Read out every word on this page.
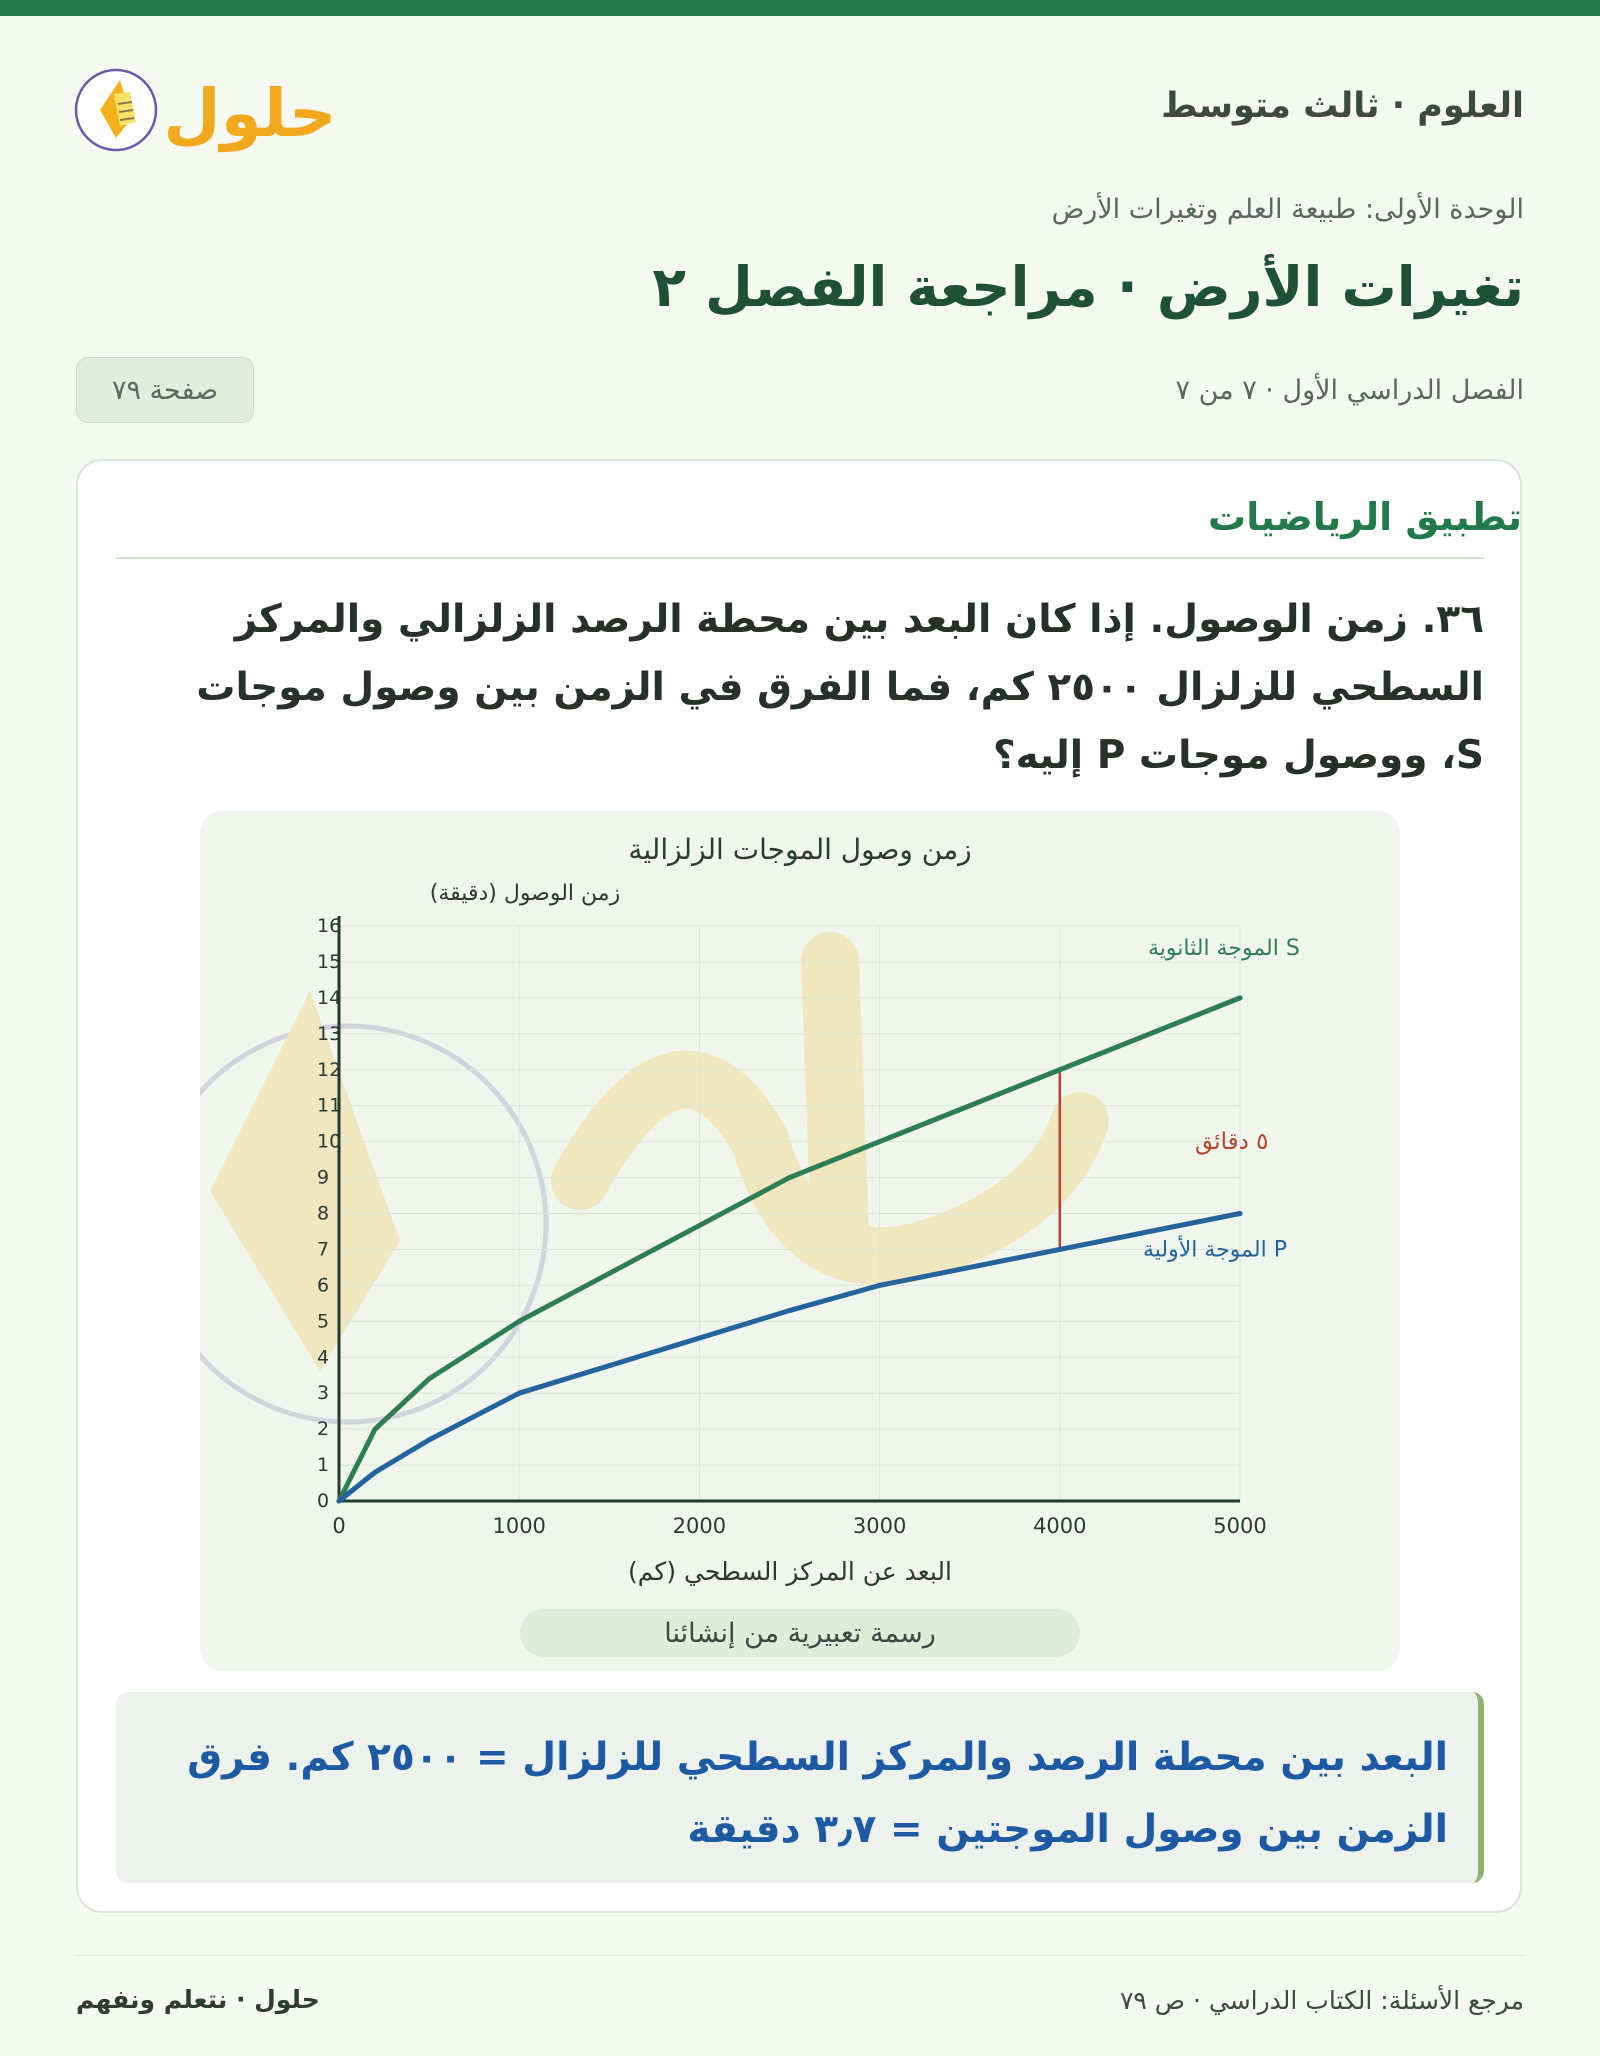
حلول	العلوم · ثالث متوسط
الوحدة الأولى: طبيعة العلم وتغيرات الأرض
تغيرات الأرض · مراجعة الفصل ٢
الفصل الدراسي الأول · ٧ من ٧
صفحة ٧٩
تطبيق الرياضيات
٣٦. زمن الوصول. إذا كان البعد بين محطة الرصد الزلزالي والمركز السطحي للزلزال ٢٥٠٠ كم، فما الفرق في الزمن بين وصول موجات S، ووصول موجات P إليه؟
0
1
2
3
4
5
6
7
8
9
10
11
12
13
14
15
16
0	1000	2000	3000	4000	5000
زمن وصول الموجات الزلزالية
زمن الوصول (دقيقة)
البعد عن المركز السطحي (كم)
٥ دقائق
S الموجة الثانوية
P الموجة الأولية
رسمة تعبيرية من إنشائنا
البعد بين محطة الرصد والمركز السطحي للزلزال = ٢٥٠٠ كم. فرق الزمن بين وصول الموجتين = ٣٫٧ دقيقة
مرجع الأسئلة: الكتاب الدراسي · ص ٧٩
حلول · نتعلم ونفهم
